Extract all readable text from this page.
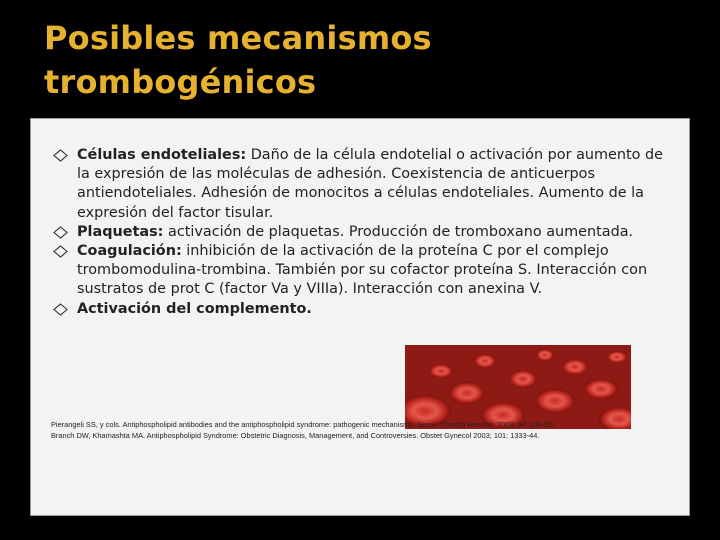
Posibles mecanismos
trombogénicos
Células endoteliales: Daño de la célula endotelial o activación por aumento de la expresión de las moléculas de adhesión. Coexistencia de anticuerpos antiendoteliales. Adhesión de monocitos a células endoteliales. Aumento de la expresión del factor tisular.
Plaquetas: activación de plaquetas. Producción de tromboxano aumentada.
Coagulación: inhibición de la activación de la proteína C por el complejo trombomodulina-trombina. También por su cofactor proteína S. Interacción con sustratos de prot C (factor Va y VIIIa). Interacción con anexina V.
Activación del complemento.
Pierangeli SS, y cols. Antiphospholipid antibodies and the antiphospholipid syndrome: pathogenic mechanisms. Semin Thromb Hemost. 2008; 34: 236-50.
Branch DW, Khamashta MA. Antiphospholipid Syndrome: Obstetric Diagnosis, Management, and Controversies. Obstet Gynecol 2003; 101: 1333-44.
